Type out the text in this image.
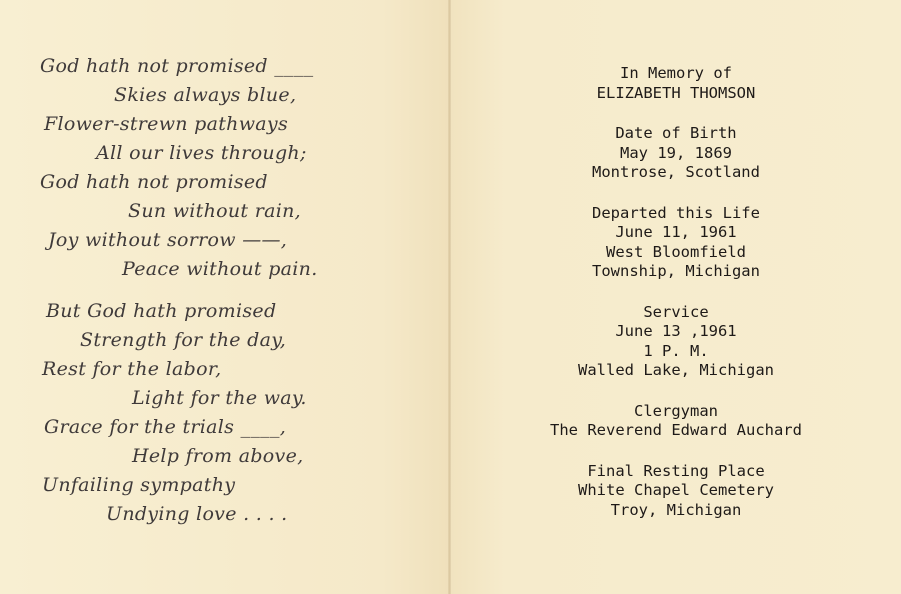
God hath not promised ____
Skies always blue,
Flower-strewn pathways
All our lives through;
God hath not promised
Sun without rain,
Joy without sorrow ——,
Peace without pain.
But God hath promised
Strength for the day,
Rest for the labor,
Light for the way.
Grace for the trials ____,
Help from above,
Unfailing sympathy
Undying love . . . .
In Memory of
ELIZABETH THOMSON
Date of Birth
May 19, 1869
Montrose, Scotland
Departed this Life
June 11, 1961
West Bloomfield
Township, Michigan
Service
June 13 ,1961
1 P. M.
Walled Lake, Michigan
Clergyman
The Reverend Edward Auchard
Final Resting Place
White Chapel Cemetery
Troy, Michigan
